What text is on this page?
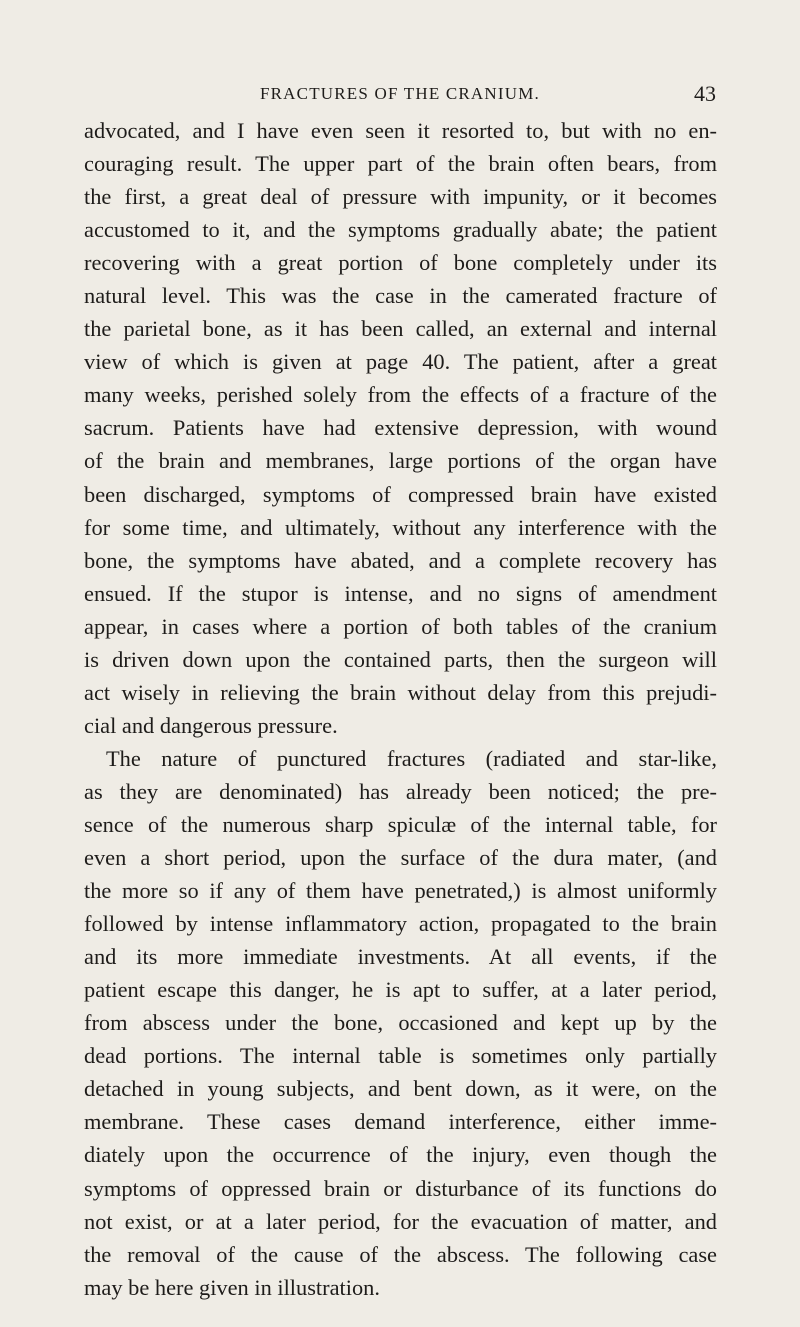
FRACTURES OF THE CRANIUM.	43
advocated, and I have even seen it resorted to, but with no en-
couraging result. The upper part of the brain often bears, from
the first, a great deal of pressure with impunity, or it becomes
accustomed to it, and the symptoms gradually abate; the patient
recovering with a great portion of bone completely under its
natural level. This was the case in the camerated fracture of
the parietal bone, as it has been called, an external and internal
view of which is given at page 40. The patient, after a great
many weeks, perished solely from the effects of a fracture of the
sacrum. Patients have had extensive depression, with wound
of the brain and membranes, large portions of the organ have
been discharged, symptoms of compressed brain have existed
for some time, and ultimately, without any interference with the
bone, the symptoms have abated, and a complete recovery has
ensued. If the stupor is intense, and no signs of amendment
appear, in cases where a portion of both tables of the cranium
is driven down upon the contained parts, then the surgeon will
act wisely in relieving the brain without delay from this prejudi-
cial and dangerous pressure.
The nature of punctured fractures (radiated and star-like,
as they are denominated) has already been noticed; the pre-
sence of the numerous sharp spiculæ of the internal table, for
even a short period, upon the surface of the dura mater, (and
the more so if any of them have penetrated,) is almost uniformly
followed by intense inflammatory action, propagated to the brain
and its more immediate investments. At all events, if the
patient escape this danger, he is apt to suffer, at a later period,
from abscess under the bone, occasioned and kept up by the
dead portions. The internal table is sometimes only partially
detached in young subjects, and bent down, as it were, on the
membrane. These cases demand interference, either imme-
diately upon the occurrence of the injury, even though the
symptoms of oppressed brain or disturbance of its functions do
not exist, or at a later period, for the evacuation of matter, and
the removal of the cause of the abscess. The following case
may be here given in illustration.
